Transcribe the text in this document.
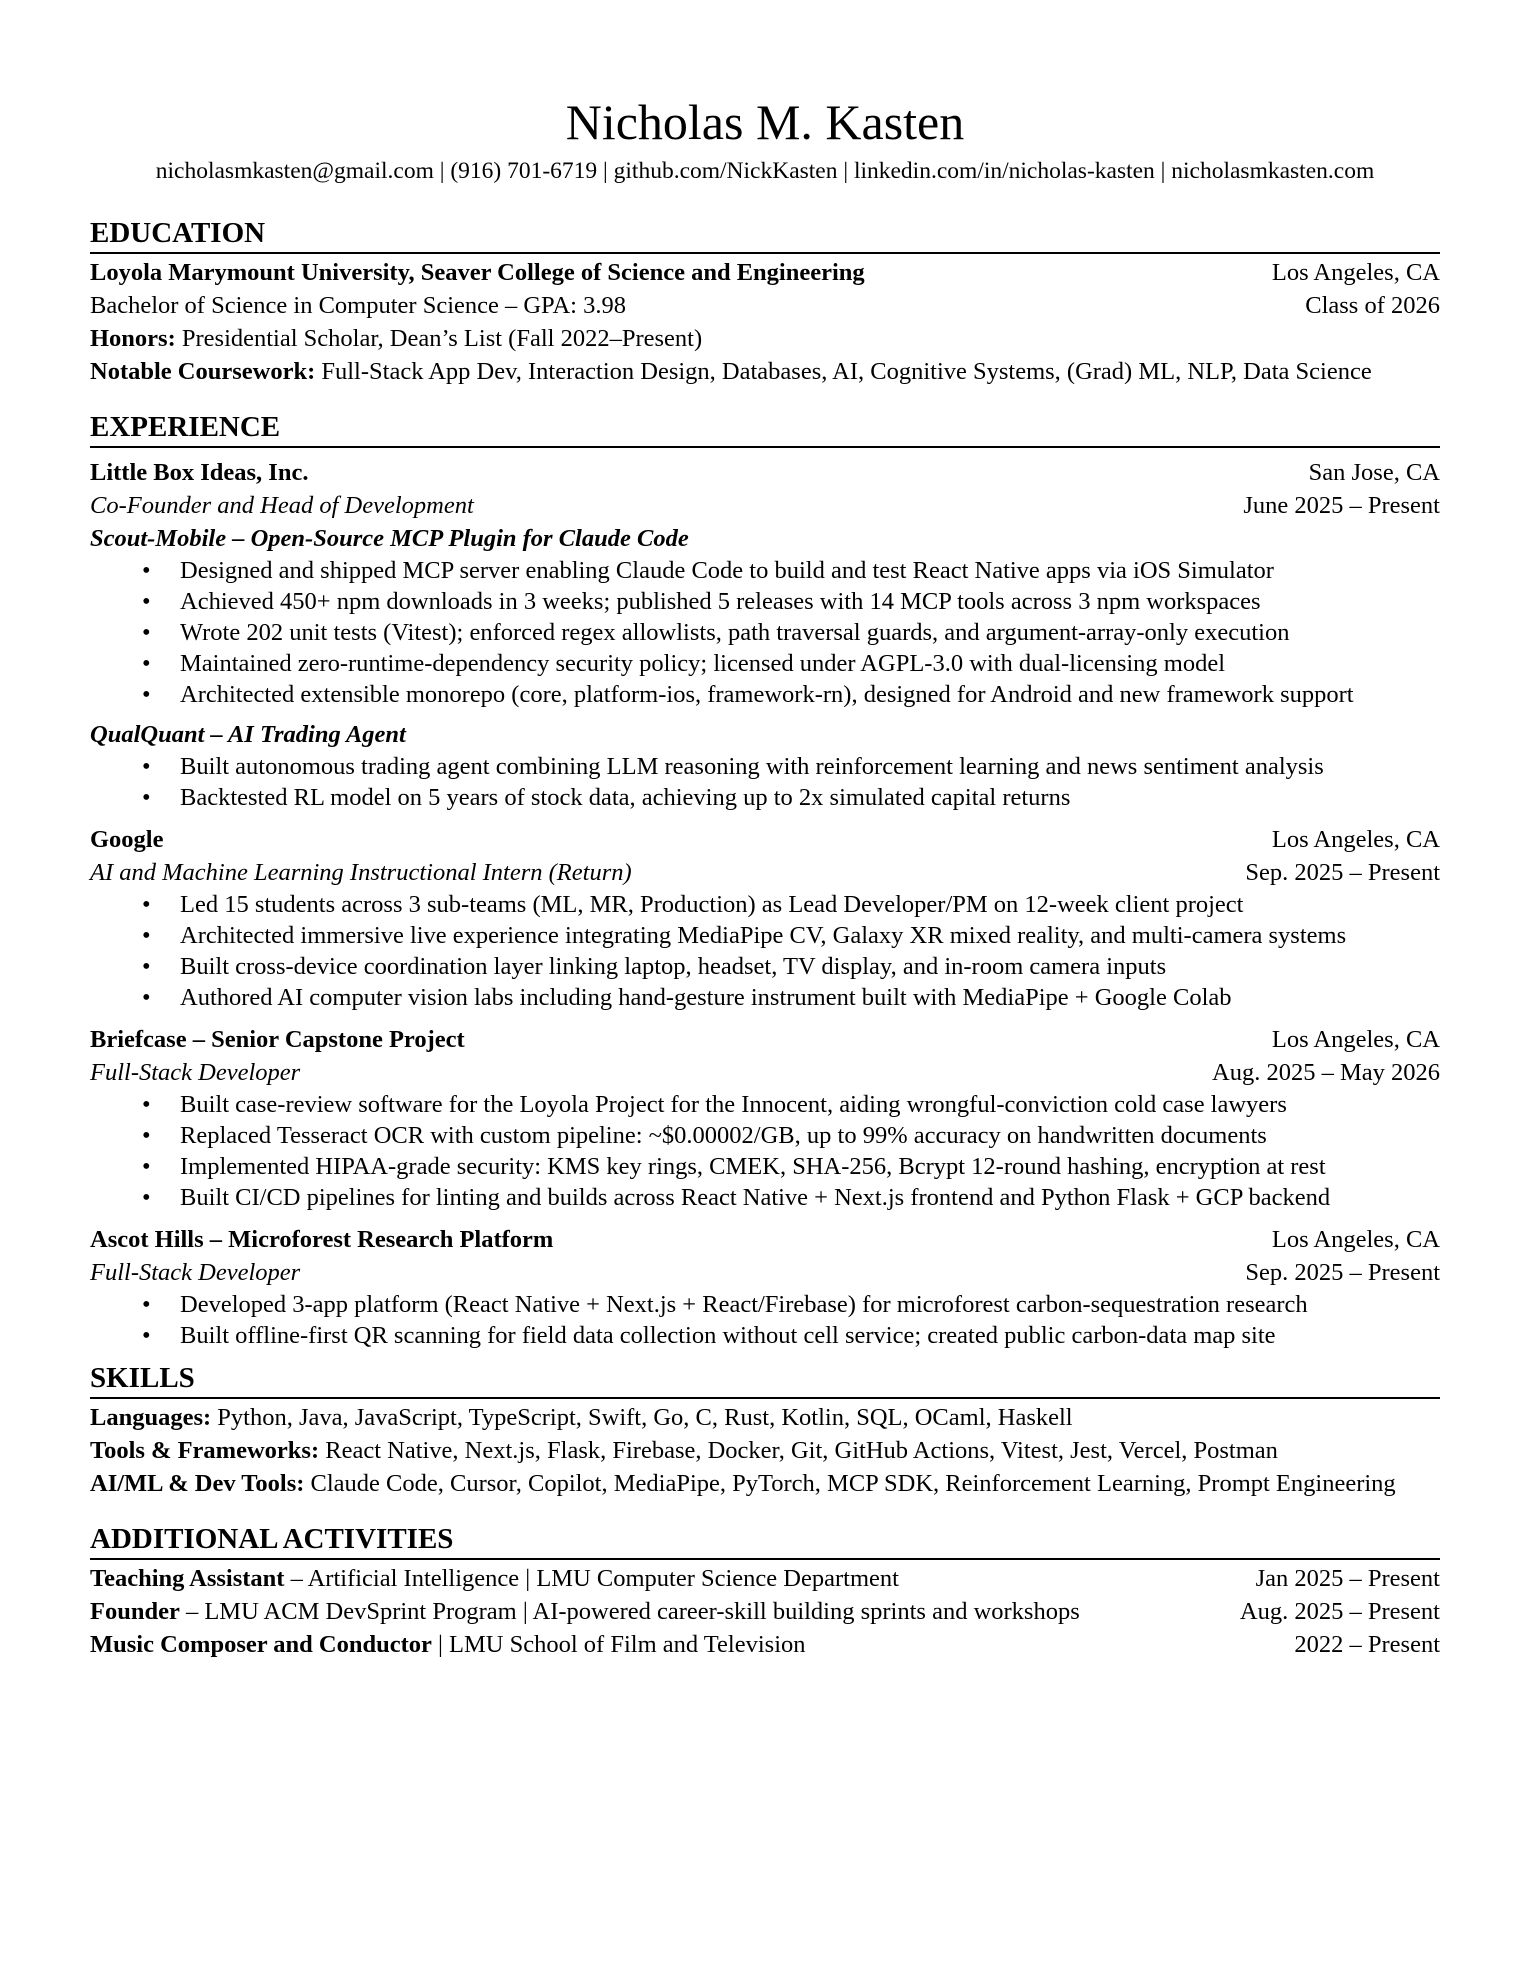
Nicholas M. Kasten
nicholasmkasten@gmail.com | (916) 701-6719 | github.com/NickKasten | linkedin.com/in/nicholas-kasten | nicholasmkasten.com
EDUCATION
Loyola Marymount University, Seaver College of Science and Engineering	Los Angeles, CA
Bachelor of Science in Computer Science – GPA: 3.98	Class of 2026
Honors: Presidential Scholar, Dean’s List (Fall 2022–Present)
Notable Coursework: Full-Stack App Dev, Interaction Design, Databases, AI, Cognitive Systems, (Grad) ML, NLP, Data Science
EXPERIENCE
Little Box Ideas, Inc.	San Jose, CA
Co-Founder and Head of Development	June 2025 – Present
Scout-Mobile – Open-Source MCP Plugin for Claude Code
• Designed and shipped MCP server enabling Claude Code to build and test React Native apps via iOS Simulator
• Achieved 450+ npm downloads in 3 weeks; published 5 releases with 14 MCP tools across 3 npm workspaces
• Wrote 202 unit tests (Vitest); enforced regex allowlists, path traversal guards, and argument-array-only execution
• Maintained zero-runtime-dependency security policy; licensed under AGPL-3.0 with dual-licensing model
• Architected extensible monorepo (core, platform-ios, framework-rn), designed for Android and new framework support
QualQuant – AI Trading Agent
• Built autonomous trading agent combining LLM reasoning with reinforcement learning and news sentiment analysis
• Backtested RL model on 5 years of stock data, achieving up to 2x simulated capital returns
Google	Los Angeles, CA
AI and Machine Learning Instructional Intern (Return)	Sep. 2025 – Present
• Led 15 students across 3 sub-teams (ML, MR, Production) as Lead Developer/PM on 12-week client project
• Architected immersive live experience integrating MediaPipe CV, Galaxy XR mixed reality, and multi-camera systems
• Built cross-device coordination layer linking laptop, headset, TV display, and in-room camera inputs
• Authored AI computer vision labs including hand-gesture instrument built with MediaPipe + Google Colab
Briefcase – Senior Capstone Project	Los Angeles, CA
Full-Stack Developer	Aug. 2025 – May 2026
• Built case-review software for the Loyola Project for the Innocent, aiding wrongful-conviction cold case lawyers
• Replaced Tesseract OCR with custom pipeline: ~$0.00002/GB, up to 99% accuracy on handwritten documents
• Implemented HIPAA-grade security: KMS key rings, CMEK, SHA-256, Bcrypt 12-round hashing, encryption at rest
• Built CI/CD pipelines for linting and builds across React Native + Next.js frontend and Python Flask + GCP backend
Ascot Hills – Microforest Research Platform	Los Angeles, CA
Full-Stack Developer	Sep. 2025 – Present
• Developed 3-app platform (React Native + Next.js + React/Firebase) for microforest carbon-sequestration research
• Built offline-first QR scanning for field data collection without cell service; created public carbon-data map site
SKILLS
Languages: Python, Java, JavaScript, TypeScript, Swift, Go, C, Rust, Kotlin, SQL, OCaml, Haskell
Tools & Frameworks: React Native, Next.js, Flask, Firebase, Docker, Git, GitHub Actions, Vitest, Jest, Vercel, Postman
AI/ML & Dev Tools: Claude Code, Cursor, Copilot, MediaPipe, PyTorch, MCP SDK, Reinforcement Learning, Prompt Engineering
ADDITIONAL ACTIVITIES
Teaching Assistant – Artificial Intelligence | LMU Computer Science Department	Jan 2025 – Present
Founder – LMU ACM DevSprint Program | AI-powered career-skill building sprints and workshops	Aug. 2025 – Present
Music Composer and Conductor | LMU School of Film and Television	2022 – Present
